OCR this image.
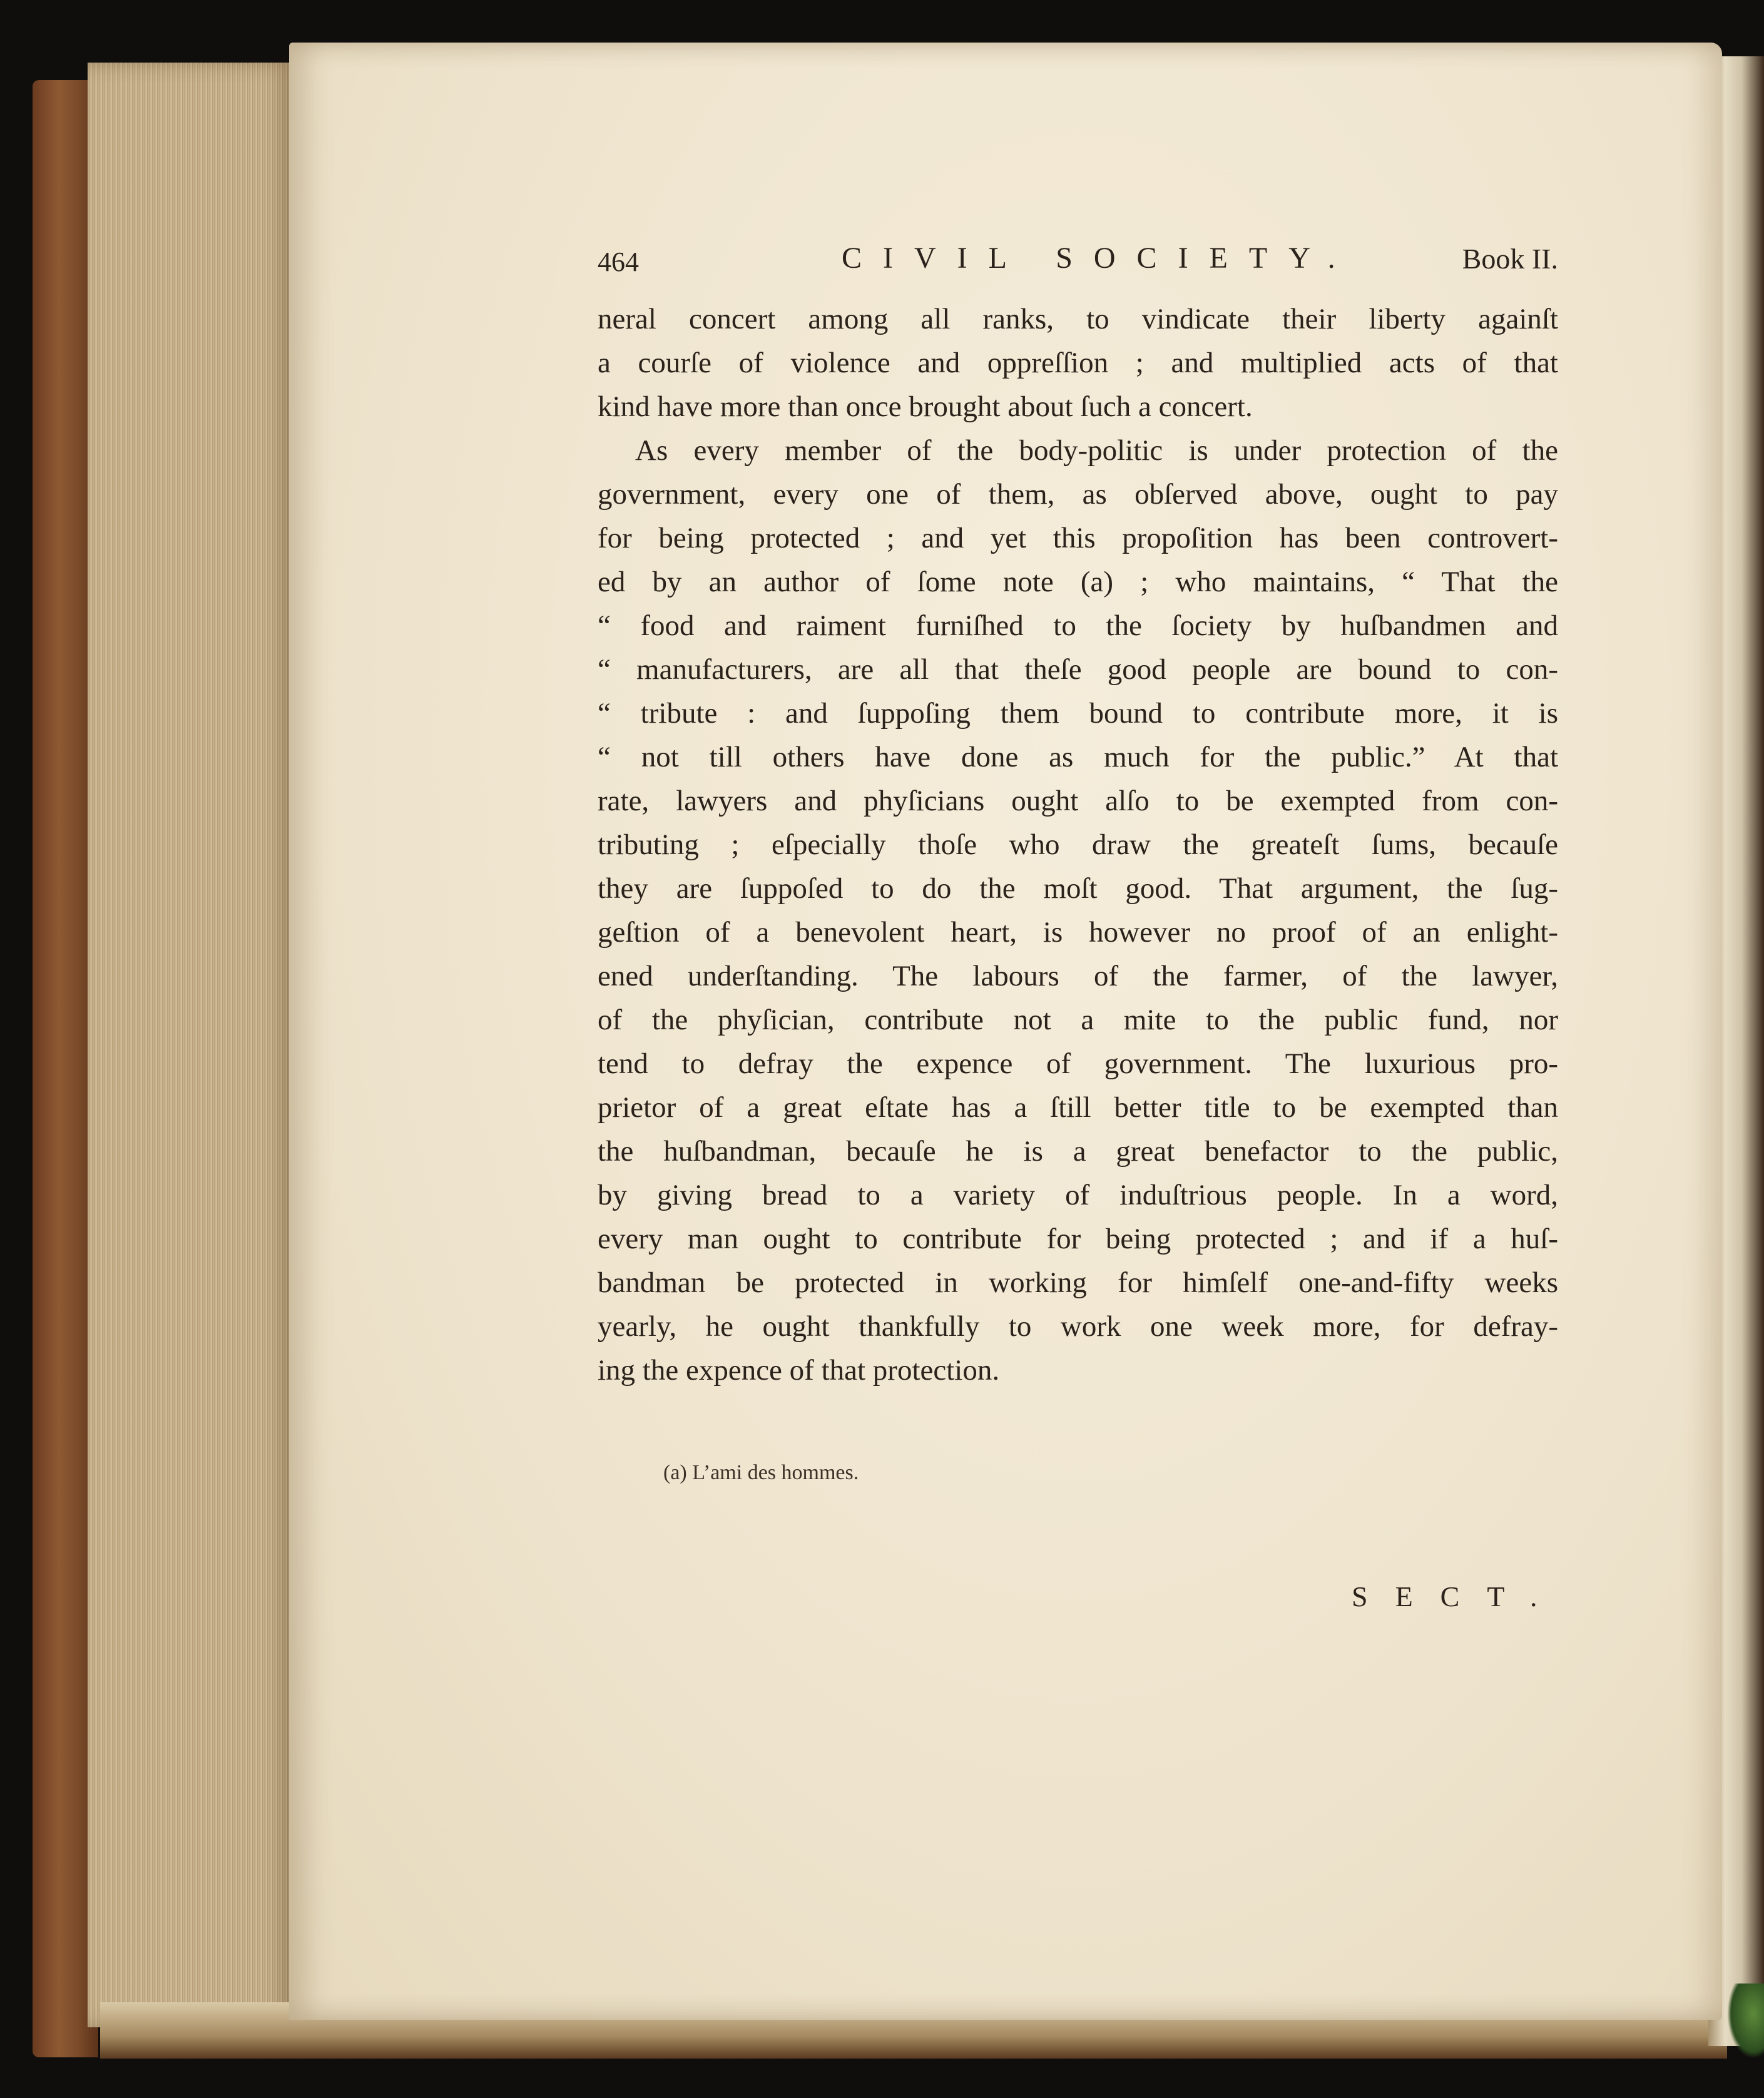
464	CIVIL SOCIETY.	Book II.
neral concert among all ranks, to vindicate their liberty againſt
a courſe of violence and oppreſſion ; and multiplied acts of that
kind have more than once brought about ſuch a concert.
As every member of the body-politic is under protection of the
government, every one of them, as obſerved above, ought to pay
for being protected ; and yet this propoſition has been controvert-
ed by an author of ſome note (a) ; who maintains, “ That the
“ food and raiment furniſhed to the ſociety by huſbandmen and
“ manufacturers, are all that theſe good people are bound to con-
“ tribute : and ſuppoſing them bound to contribute more, it is
“ not till others have done as much for the public.” At that
rate, lawyers and phyſicians ought alſo to be exempted from con-
tributing ; eſpecially thoſe who draw the greateſt ſums, becauſe
they are ſuppoſed to do the moſt good. That argument, the ſug-
geſtion of a benevolent heart, is however no proof of an enlight-
ened underſtanding. The labours of the farmer, of the lawyer,
of the phyſician, contribute not a mite to the public fund, nor
tend to defray the expence of government. The luxurious pro-
prietor of a great eſtate has a ſtill better title to be exempted than
the huſbandman, becauſe he is a great benefactor to the public,
by giving bread to a variety of induſtrious people. In a word,
every man ought to contribute for being protected ; and if a huſ-
bandman be protected in working for himſelf one-and-fifty weeks
yearly, he ought thankfully to work one week more, for defray-
ing the expence of that protection.
(a) L’ami des hommes.
SECT.
